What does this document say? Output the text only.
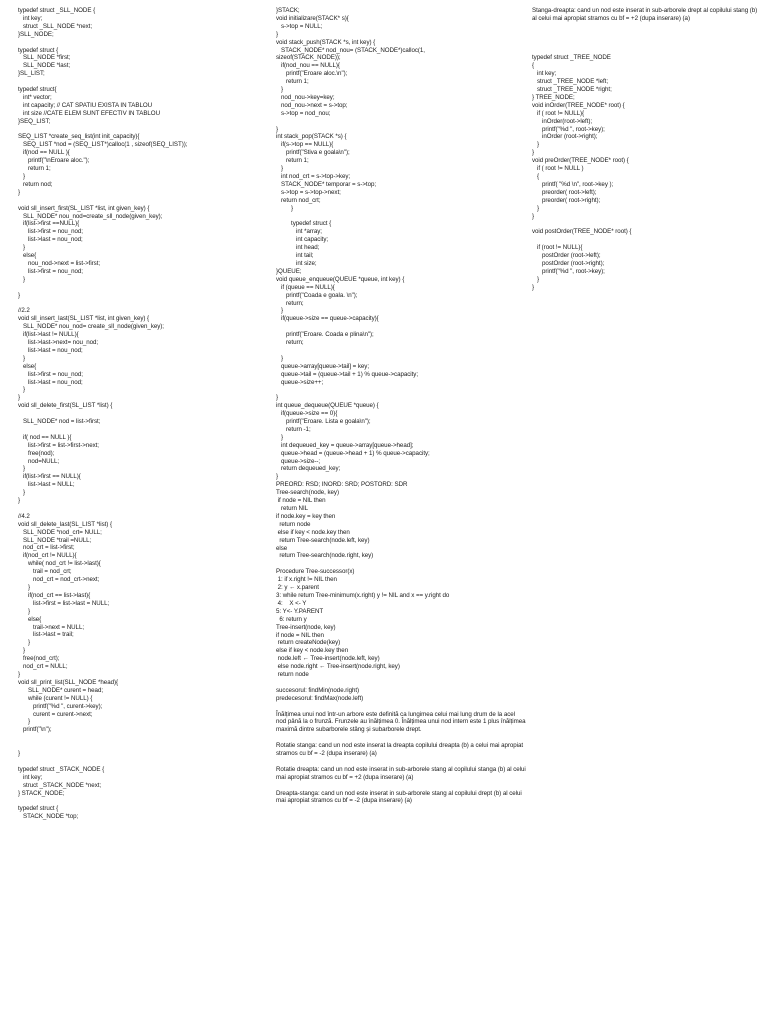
typedef struct _SLL_NODE {
int key;
struct _SLL_NODE *next;
}SLL_NODE;
typedef struct {
SLL_NODE *first;
SLL_NODE *last;
}SL_LIST;
typedef struct{
int* vector;
int capacity; // CAT SPATIU EXISTA IN TABLOU
int size //CATE ELEM SUNT EFECTIV IN TABLOU
}SEQ_LIST;
SEQ_LIST *create_seq_list(int init_capacity){
SEQ_LIST *nod = (SEQ_LIST*)calloc(1 , sizeof(SEQ_LIST));
if(nod == NULL ){
printf("\nEroare aloc.");
return 1;
}
return nod;
}
void sll_insert_first(SL_LIST *list, int given_key) {
SLL_NODE* nou_nod=create_sll_node(given_key);
if(list->first ==NULL){
list->first = nou_nod;
list->last = nou_nod;
}
else{
nou_nod->next = list->first;
list->first = nou_nod;
}
}
//2.2
void sll_insert_last(SL_LIST *list, int given_key) {
SLL_NODE* nou_nod= create_sll_node(given_key);
if(list->last != NULL){
list->last->next= nou_nod;
list->last = nou_nod;
}
else{
list->first = nou_nod;
list->last = nou_nod;
}
}
void sll_delete_first(SL_LIST *list) {
SLL_NODE* nod = list->first;
if( nod == NULL ){
list->first = list->first->next;
free(nod);
nod=NULL;
}
if(list->first == NULL){
list->last = NULL;
}
}
//4.2
void sll_delete_last(SL_LIST *list) {
SLL_NODE *nod_crt= NULL;
SLL_NODE *trail =NULL;
nod_crt = list->first;
if(nod_crt != NULL){
while( nod_crt != list->last){
trail = nod_crt;
nod_crt = nod_crt->next;
}
if(nod_crt == list->last){
list->first = list->last = NULL;
}
else{
trail->next = NULL;
list->last = trail;
}
}
free(nod_crt);
nod_crt = NULL;
}
void sll_print_list(SLL_NODE *head){
SLL_NODE* curent = head;
while (curent != NULL) {
printf("%d ", curent->key);
curent = curent->next;
}
printf("\n");
}
typedef struct _STACK_NODE {
int key;
struct _STACK_NODE *next;
} STACK_NODE;
typedef struct {
STACK_NODE *top;
}STACK;
void initializare(STACK* s){
s->top = NULL;
}
void stack_push(STACK *s, int key) {
STACK_NODE* nod_nou= (STACK_NODE*)calloc(1,
sizeof(STACK_NODE));
if(nod_nou == NULL){
printf("Eroare aloc.\n");
return 1;
}
nod_nou->key=key;
nod_nou->next = s->top;
s->top = nod_nou;
}
int stack_pop(STACK *s) {
if(s->top == NULL){
printf("Stiva e goala\n");
return 1;
}
int nod_crt = s->top->key;
STACK_NODE* temporar = s->top;
s->top = s->top->next;
return nod_crt;
}
typedef struct {
int *array;
int capacity;
int head;
int tail;
int size;
}QUEUE;
void queue_enqueue(QUEUE *queue, int key) {
if (queue == NULL){
printf("Coada e goala. \n");
return;
}
if(queue->size == queue->capacity){
printf("Eroare. Coada e plina\n");
return;
}
queue->array[queue->tail] = key;
queue->tail = (queue->tail + 1) % queue->capacity;
queue->size++;
}
int queue_dequeue(QUEUE *queue) {
if(queue->size == 0){
printf("Eroare. Lista e goala\n");
return -1;
}
int dequeued_key = queue->array[queue->head];
queue->head = (queue->head + 1) % queue->capacity;
queue->size--;
return dequeued_key;
}
PREORD: RSD; INORD: SRD; POSTORD: SDR
Tree-search(node, key)
if node = NIL then
return NIL
if node.key = key then
return node
else if key < node.key then
return Tree-search(node.left, key)
else
return Tree-search(node.right, key)
Procedure Tree-successor(x)
1: if x.right != NIL then
2: y ← x.parent
3: while return Tree-minimum(x.right) y != NIL and x == y.right do
4:    X <- Y
5: Y<- Y.PARENT
6: return y
Tree-insert(node, key)
if node = NIL then
return createNode(key)
else if key < node.key then
node.left ← Tree-insert(node.left, key)
else node.right ← Tree-insert(node.right, key)
return node
succesorul: findMin(node.right)
predecesorul: findMax(node.left)
Înălțimea unui nod într-un arbore este definită ca lungimea celui mai lung drum de la acel nod până la o frunză. Frunzele au înălțimea 0. Înălțimea unui nod intern este 1 plus înălțimea maximă dintre subarborele stâng și subarborele drept.
Rotatie stanga: cand un nod este inserat la dreapta copilului dreapta (b) a celui mai apropiat stramos cu bf = -2 (dupa inserare) (a)
Rotatie dreapta: cand un nod este inserat in sub-arborele stang al copilului stanga (b) al celui mai apropiat stramos cu bf = +2 (dupa inserare) (a)
Dreapta-stanga: cand un nod este inserat in sub-arborele stang al copilului drept (b) al celui mai apropiat stramos cu bf = -2 (dupa inserare) (a)
Stanga-dreapta: cand un nod este inserat in sub-arborele drept al copilului stang (b) al celui mai apropiat stramos cu bf = +2 (dupa inserare) (a)
typedef struct _TREE_NODE
{
int key;
struct _TREE_NODE *left;
struct _TREE_NODE *right;
} TREE_NODE;
void inOrder(TREE_NODE* root) {
if ( root != NULL){
inOrder(root->left);
printf("%d ", root->key);
inOrder (root->right);
}
}
void preOrder(TREE_NODE* root) {
if ( root != NULL )
{
printf( "%d \n", root->key );
preorder( root->left);
preorder( root->right);
}
}
void postOrder(TREE_NODE* root) {
if (root != NULL){
postOrder (root->left);
postOrder (root->right);
printf("%d ", root->key);
}
}
